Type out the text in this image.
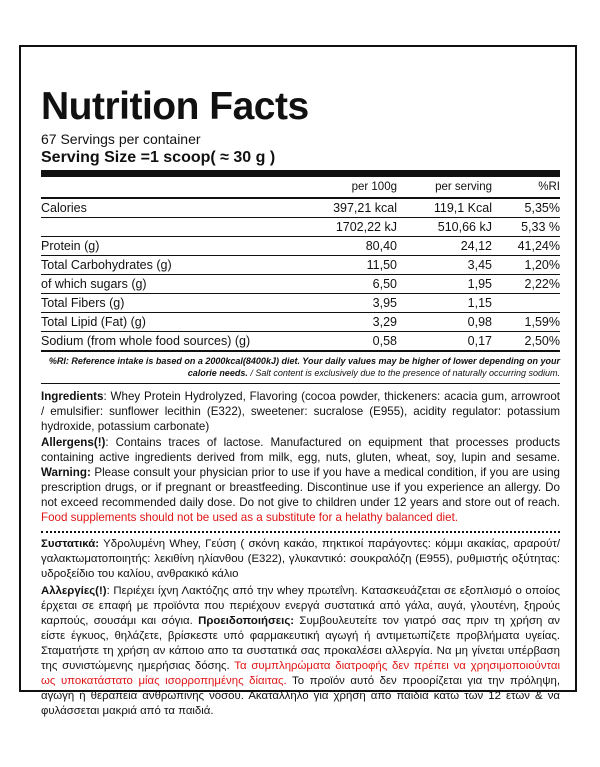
Nutrition Facts
67 Servings per container
Serving Size =1 scoop( ≈ 30 g )
	per 100g	per serving	%RI
Calories	397,21 kcal	119,1 Kcal	5,35%
	1702,22 kJ	510,66 kJ	5,33 %
Protein (g)	80,40	24,12	41,24%
Total Carbohydrates (g)	11,50	3,45	1,20%
of which sugars (g)	6,50	1,95	2,22%
Total Fibers (g)	3,95	1,15	
Total Lipid (Fat) (g)	3,29	0,98	1,59%
Sodium (from whole food sources) (g)	0,58	0,17	2,50%
%RI: Reference intake is based on a 2000kcal(8400kJ) diet. Your daily values may be higher of lower depending on your calorie needs. / Salt content is exclusively due to the presence of naturally occurring sodium.
Ingredients: Whey Protein Hydrolyzed, Flavoring (cocoa powder, thickeners: acacia gum, arrowroot / emulsifier: sunflower lecithin (E322), sweetener: sucralose (E955), acidity regulator: potassium hydroxide, potassium carbonate)
Allergens(!): Contains traces of lactose. Manufactured on equipment that processes products containing active ingredients derived from milk, egg, nuts, gluten, wheat, soy, lupin and sesame. Warning: Please consult your physician prior to use if you have a medical condition, if you are using prescription drugs, or if pregnant or breastfeeding. Discontinue use if you experience an allergy. Do not exceed recommended daily dose. Do not give to children under 12 years and store out of reach. Food supplements should not be used as a substitute for a helathy balanced diet.
Συστατικά: Υδρολυμένη Whey, Γεύση ( σκόνη κακάο, πηκτικοί παράγοντες: κόμμι ακακίας, αραρούτ/ γαλακτωματοποιητής: λεκιθίνη ηλίανθου (E322), γλυκαντικό: σουκραλόζη (E955), ρυθμιστής οξύτητας: υδροξείδιο του καλίου, ανθρακικό κάλιο
Αλλεργίες(!): Περιέχει ίχνη Λακτόζης από την whey πρωτεΐνη. Κατασκευάζεται σε εξοπλισμό ο οποίος έρχεται σε επαφή με προϊόντα που περιέχουν ενεργά συστατικά από γάλα, αυγά, γλουτένη, ξηρούς καρπούς, σουσάμι και σόγια. Προειδοποιήσεις: Συμβουλευτείτε τον γιατρό σας πριν τη χρήση αν είστε έγκυος, θηλάζετε, βρίσκεστε υπό φαρμακευτική αγωγή ή αντιμετωπίζετε προβλήματα υγείας. Σταματήστε τη χρήση αν κάποιο απο τα συστατικά σας προκαλέσει αλλεργία. Να μη γίνεται υπέρβαση της συνιστώμενης ημερήσιας δόσης. Τα συμπληρώματα διατροφής δεν πρέπει να χρησιμοποιούνται ως υποκατάστατο μίας ισορροπημένης δίαιτας. Το προϊόν αυτό δεν προορίζεται για την πρόληψη, αγωγή ή θεραπεία ανθρώπινης νόσου. Ακατάλληλο για χρήση απο παιδιά κάτω των 12 ετών & να φυλάσσεται μακριά από τα παιδιά.
